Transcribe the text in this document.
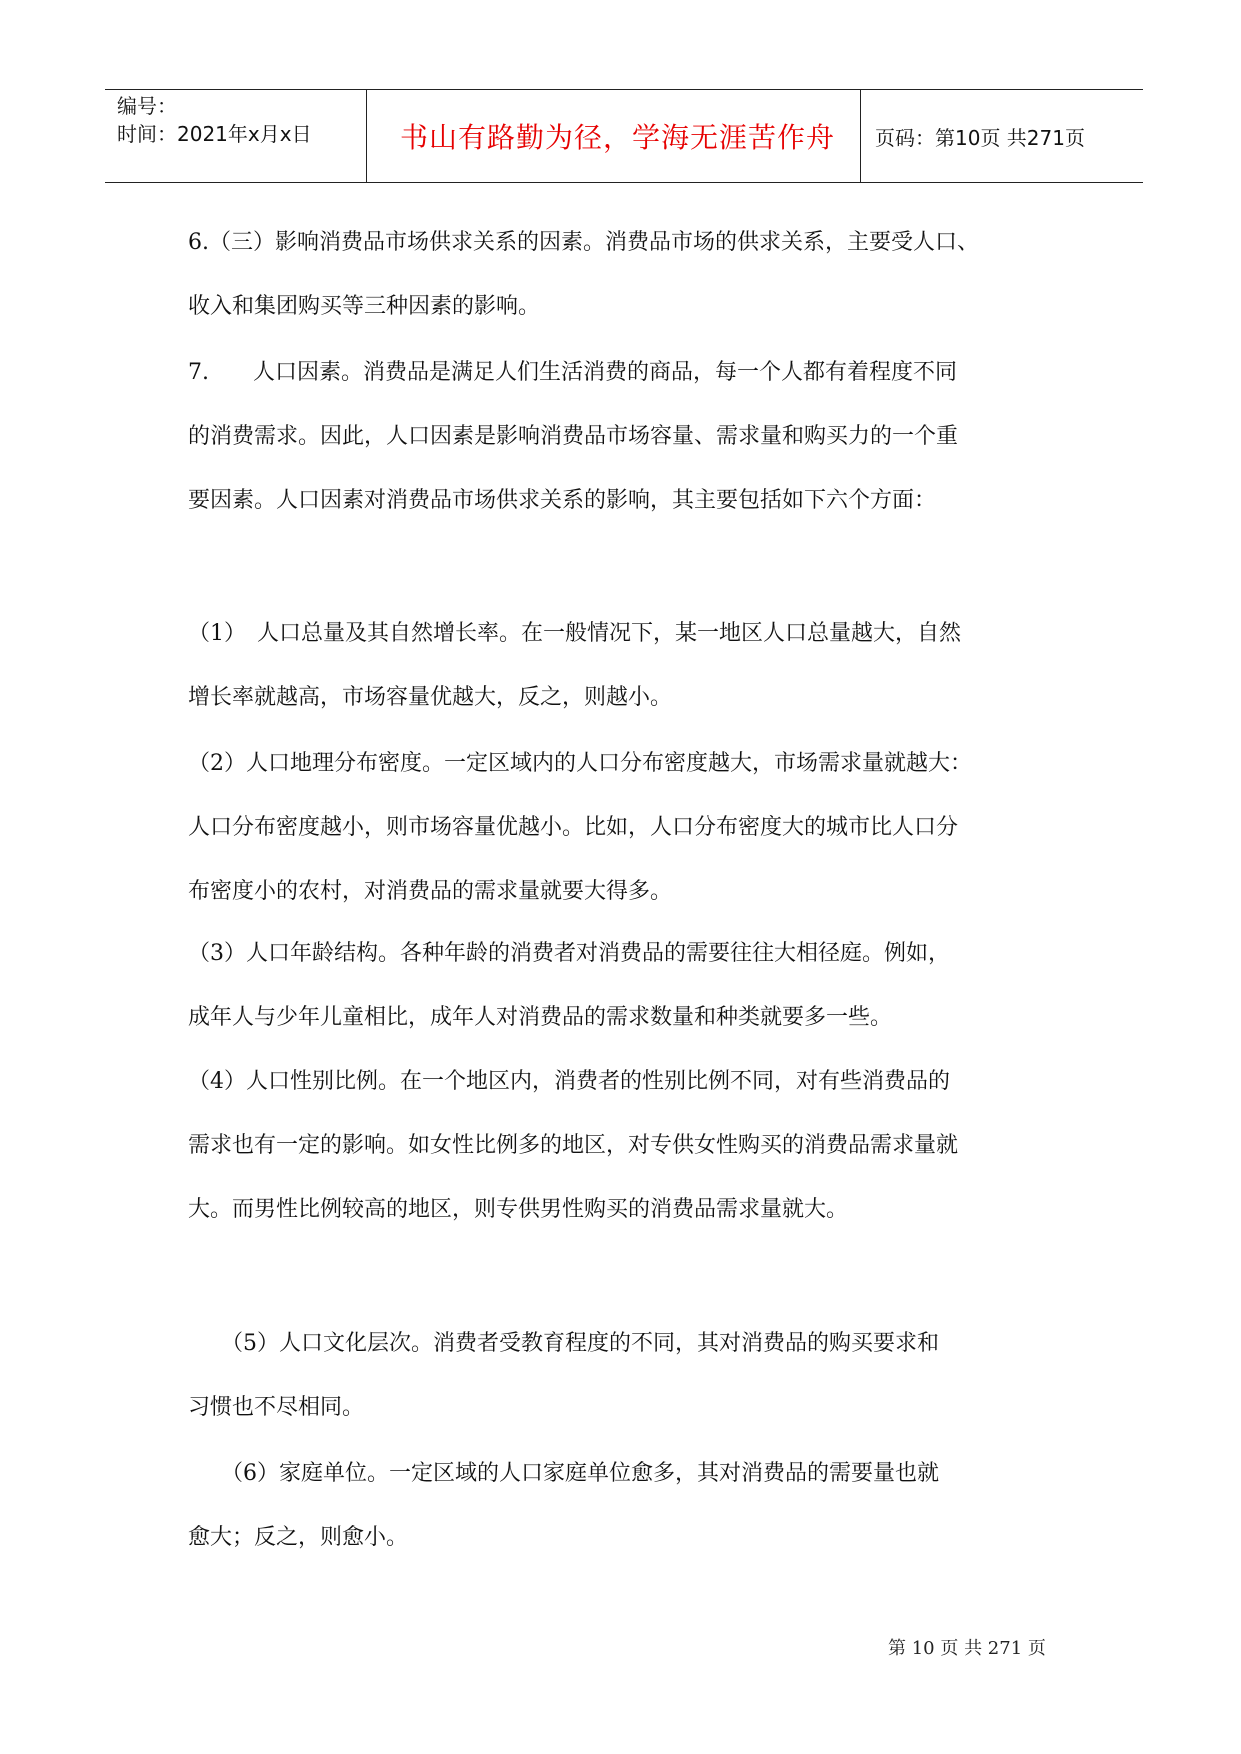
编号：
时间：2021年x月x日	书山有路勤为径，学海无涯苦作舟	页码：第10页 共271页
6.（三）影响消费品市场供求关系的因素。消费品市场的供求关系，主要受人口、
收入和集团购买等三种因素的影响。
7.　　人口因素。消费品是满足人们生活消费的商品，每一个人都有着程度不同
的消费需求。因此，人口因素是影响消费品市场容量、需求量和购买力的一个重
要因素。人口因素对消费品市场供求关系的影响，其主要包括如下六个方面：
（1）　人口总量及其自然增长率。在一般情况下，某一地区人口总量越大，自然
增长率就越高，市场容量优越大，反之，则越小。
（2）人口地理分布密度。一定区域内的人口分布密度越大，市场需求量就越大：
人口分布密度越小，则市场容量优越小。比如，人口分布密度大的城市比人口分
布密度小的农村，对消费品的需求量就要大得多。
（3）人口年龄结构。各种年龄的消费者对消费品的需要往往大相径庭。例如，
成年人与少年儿童相比，成年人对消费品的需求数量和种类就要多一些。
（4）人口性别比例。在一个地区内，消费者的性别比例不同，对有些消费品的
需求也有一定的影响。如女性比例多的地区，对专供女性购买的消费品需求量就
大。而男性比例较高的地区，则专供男性购买的消费品需求量就大。
　　（5）人口文化层次。消费者受教育程度的不同，其对消费品的购买要求和
习惯也不尽相同。
　　（6）家庭单位。一定区域的人口家庭单位愈多，其对消费品的需要量也就
愈大；反之，则愈小。
第 10 页 共 271 页
